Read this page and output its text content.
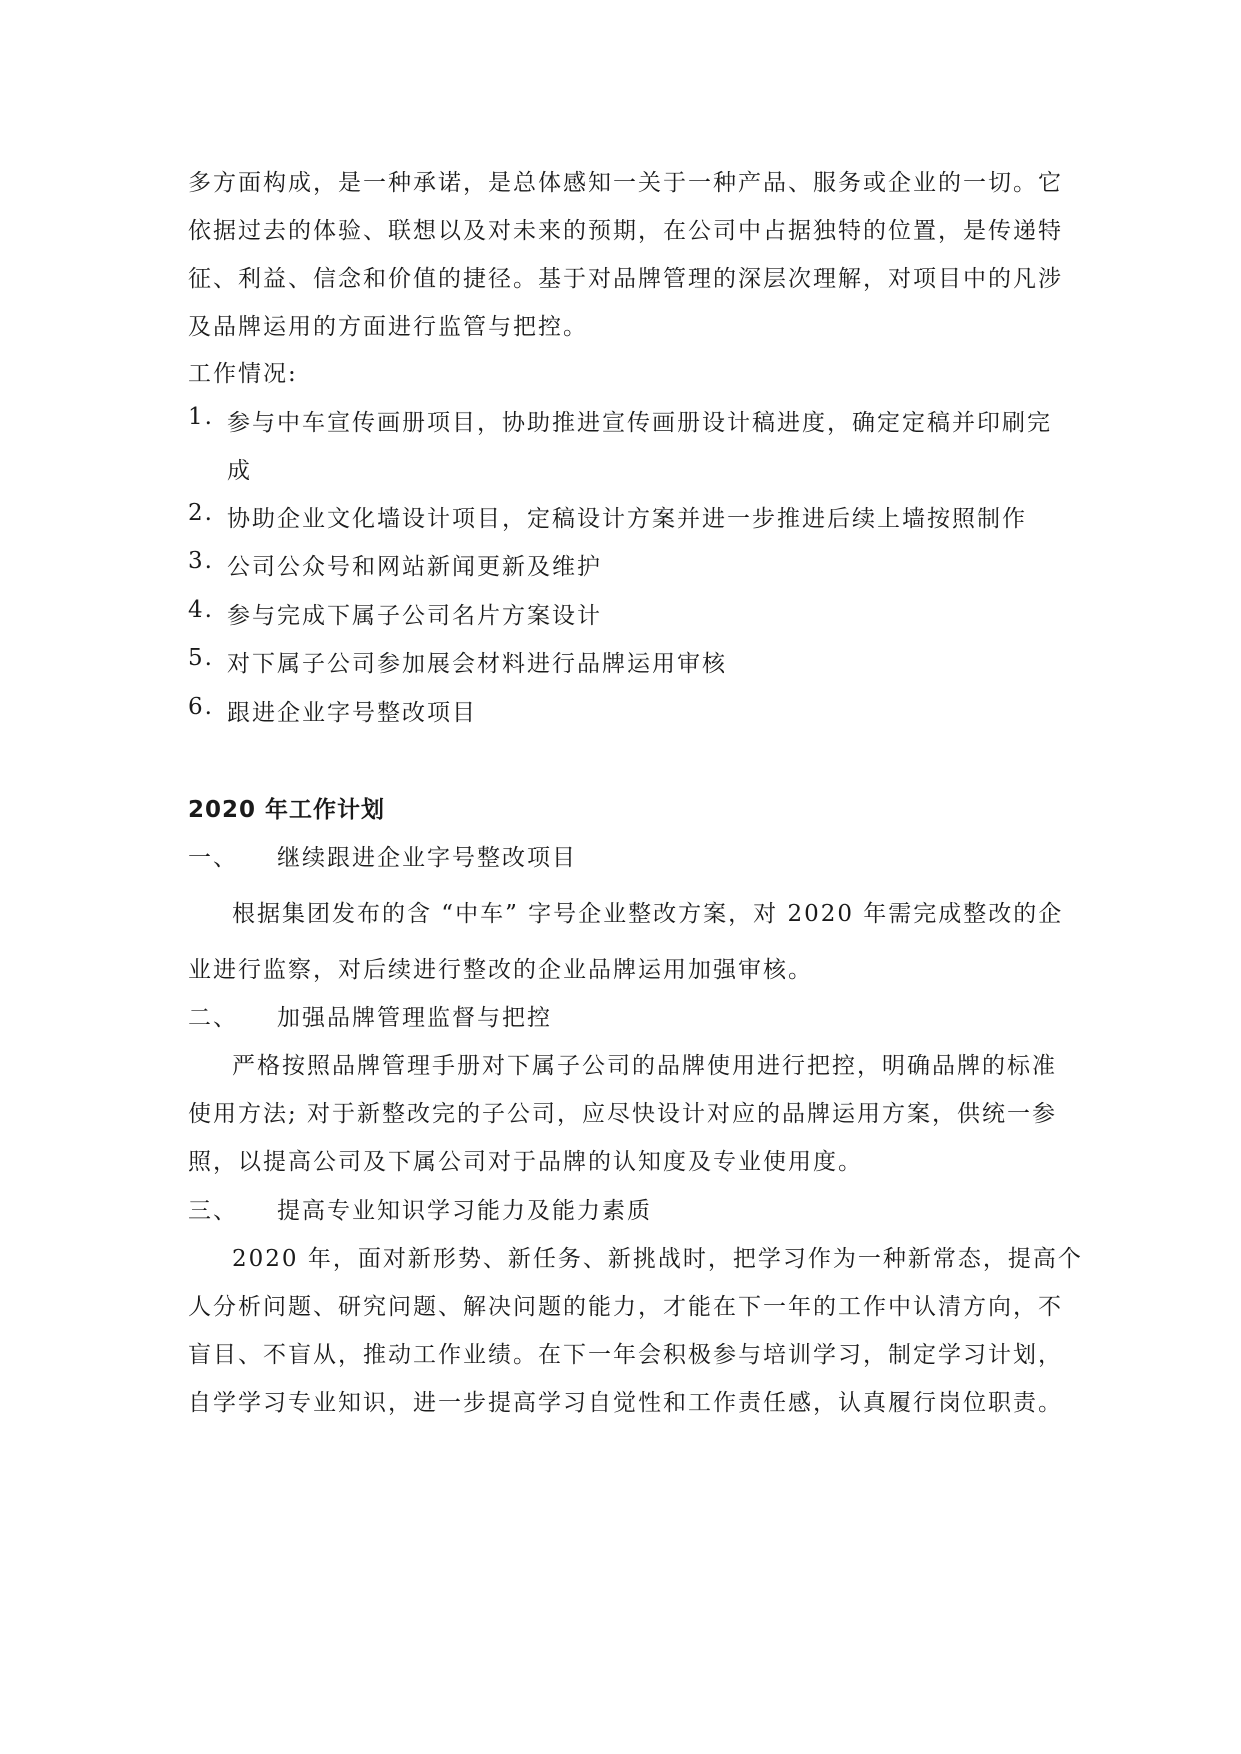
多方面构成，是一种承诺，是总体感知一关于一种产品、服务或企业的一切。它
依据过去的体验、联想以及对未来的预期，在公司中占据独特的位置，是传递特
征、利益、信念和价值的捷径。基于对品牌管理的深层次理解，对项目中的凡涉
及品牌运用的方面进行监管与把控。
工作情况:
1. 参与中车宣传画册项目，协助推进宣传画册设计稿进度，确定定稿并印刷完
成
2. 协助企业文化墙设计项目，定稿设计方案并进一步推进后续上墙按照制作
3. 公司公众号和网站新闻更新及维护
4. 参与完成下属子公司名片方案设计
5. 对下属子公司参加展会材料进行品牌运用审核
6. 跟进企业字号整改项目
2020 年工作计划
一、 继续跟进企业字号整改项目
根据集团发布的含 “中车” 字号企业整改方案，对 2020 年需完成整改的企
业进行监察，对后续进行整改的企业品牌运用加强审核。
二、 加强品牌管理监督与把控
严格按照品牌管理手册对下属子公司的品牌使用进行把控，明确品牌的标准
使用方法; 对于新整改完的子公司，应尽快设计对应的品牌运用方案，供统一参
照，以提高公司及下属公司对于品牌的认知度及专业使用度。
三、 提高专业知识学习能力及能力素质
2020 年，面对新形势、新任务、新挑战时，把学习作为一种新常态，提高个
人分析问题、研究问题、解决问题的能力，才能在下一年的工作中认清方向，不
盲目、不盲从，推动工作业绩。在下一年会积极参与培训学习，制定学习计划，
自学学习专业知识，进一步提高学习自觉性和工作责任感，认真履行岗位职责。
